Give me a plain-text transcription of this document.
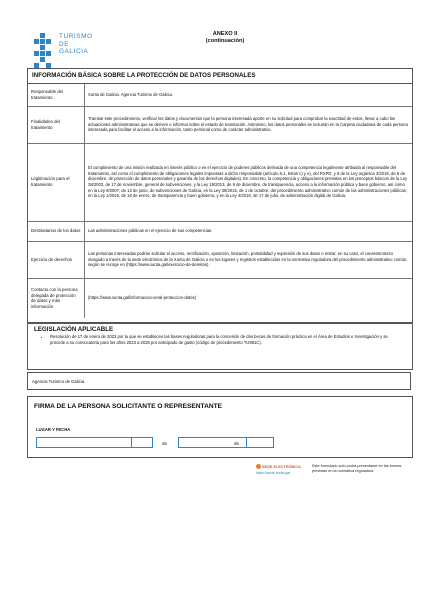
TURISMO
DE
GALICIA
ANEXO II
(continuación)
INFORMACIÓN BÁSICA SOBRE LA PROTECCIÓN DE DATOS PERSONALES
Responsable del tratamiento	Xunta de Galicia. Agencia Turismo de Galicia.
Finalidades del tratamiento	Tramitar este procedimiento, verificar los datos y documentos que la persona interesada aporte en su solicitud para comprobar la exactitud de estos, llevar a cabo las actuaciones administrativas que se deriven e informar sobre el estado de tramitación. Asimismo, los datos personales se incluirán en la Carpeta ciudadana de cada persona interesada para facilitar el acceso a la información, tanto personal como de carácter administrativo.
Legitimación para el tratamiento	El cumplimiento de una misión realizada en interés público o en el ejercicio de poderes públicos derivada de una competencia legalmente atribuida al responsable del tratamiento, así como el cumplimiento de obligaciones legales impuestas a dicho responsable (artículo 6.1, letras c) y e), del RXPD, y 8 de la Ley orgánica 3/2018, de 5 de diciembre, de protección de datos personales y garantía de los derechos digitales). En concreto, la competencia y obligaciones previstas en los preceptos básicos de la Ley 38/2003, de 17 de noviembre, general de subvenciones, y la Ley 19/2013, de 9 de diciembre, de transparencia, acceso a la información pública y buen gobierno, así como en la Ley 9/2007, de 13 de junio, de subvenciones de Galicia, en la Ley 39/2015, de 1 de octubre, del procedimiento administrativo común de las administraciones públicas, en la Ley 1/2016, de 18 de enero, de transparencia y buen gobierno, y en la Ley 4/2019, de 17 de julio, de administración digital de Galicia.
Destinatarios de los datos	Las administraciones públicas en el ejercicio de sus competencias.
Ejercicio de derechos	Las personas interesadas podrán solicitar el acceso, rectificación, oposición, limitación, portabilidad y supresión de sus datos o retirar, en su caso, el consentimiento otorgado a través de la sede electrónica de la Xunta de Galicia o en los lugares y registros establecidos en la normativa reguladora del procedimiento administrativo común, según se recoge en (https://www.xunta.gal/exercicio-de-dereitos)
Contacto con la persona delegada de protección de datos y más información	(https://www.xunta.gal/informacion-xeral-proteccion-datos)
LEGISLACIÓN APLICABLE
• Resolución de 17 de enero de 2023 por la que se establecen las bases reguladoras para la concesión de dos becas de formación práctica en el Área de Estudios e Investigación y se procede a su convocatoria para los años 2023 a 2025 por anticipado de gasto (código de procedimiento TU981C).
Agencia Turismo de Galicia
FIRMA DE LA PERSONA SOLICITANTE O REPRESENTANTE
LUGAR Y FECHA
de	de
SEDE ELECTRÓNICA
https://sede.xunta.gal
Este formulario solo podrá presentarse en las formas previstas en la normativa reguladora
